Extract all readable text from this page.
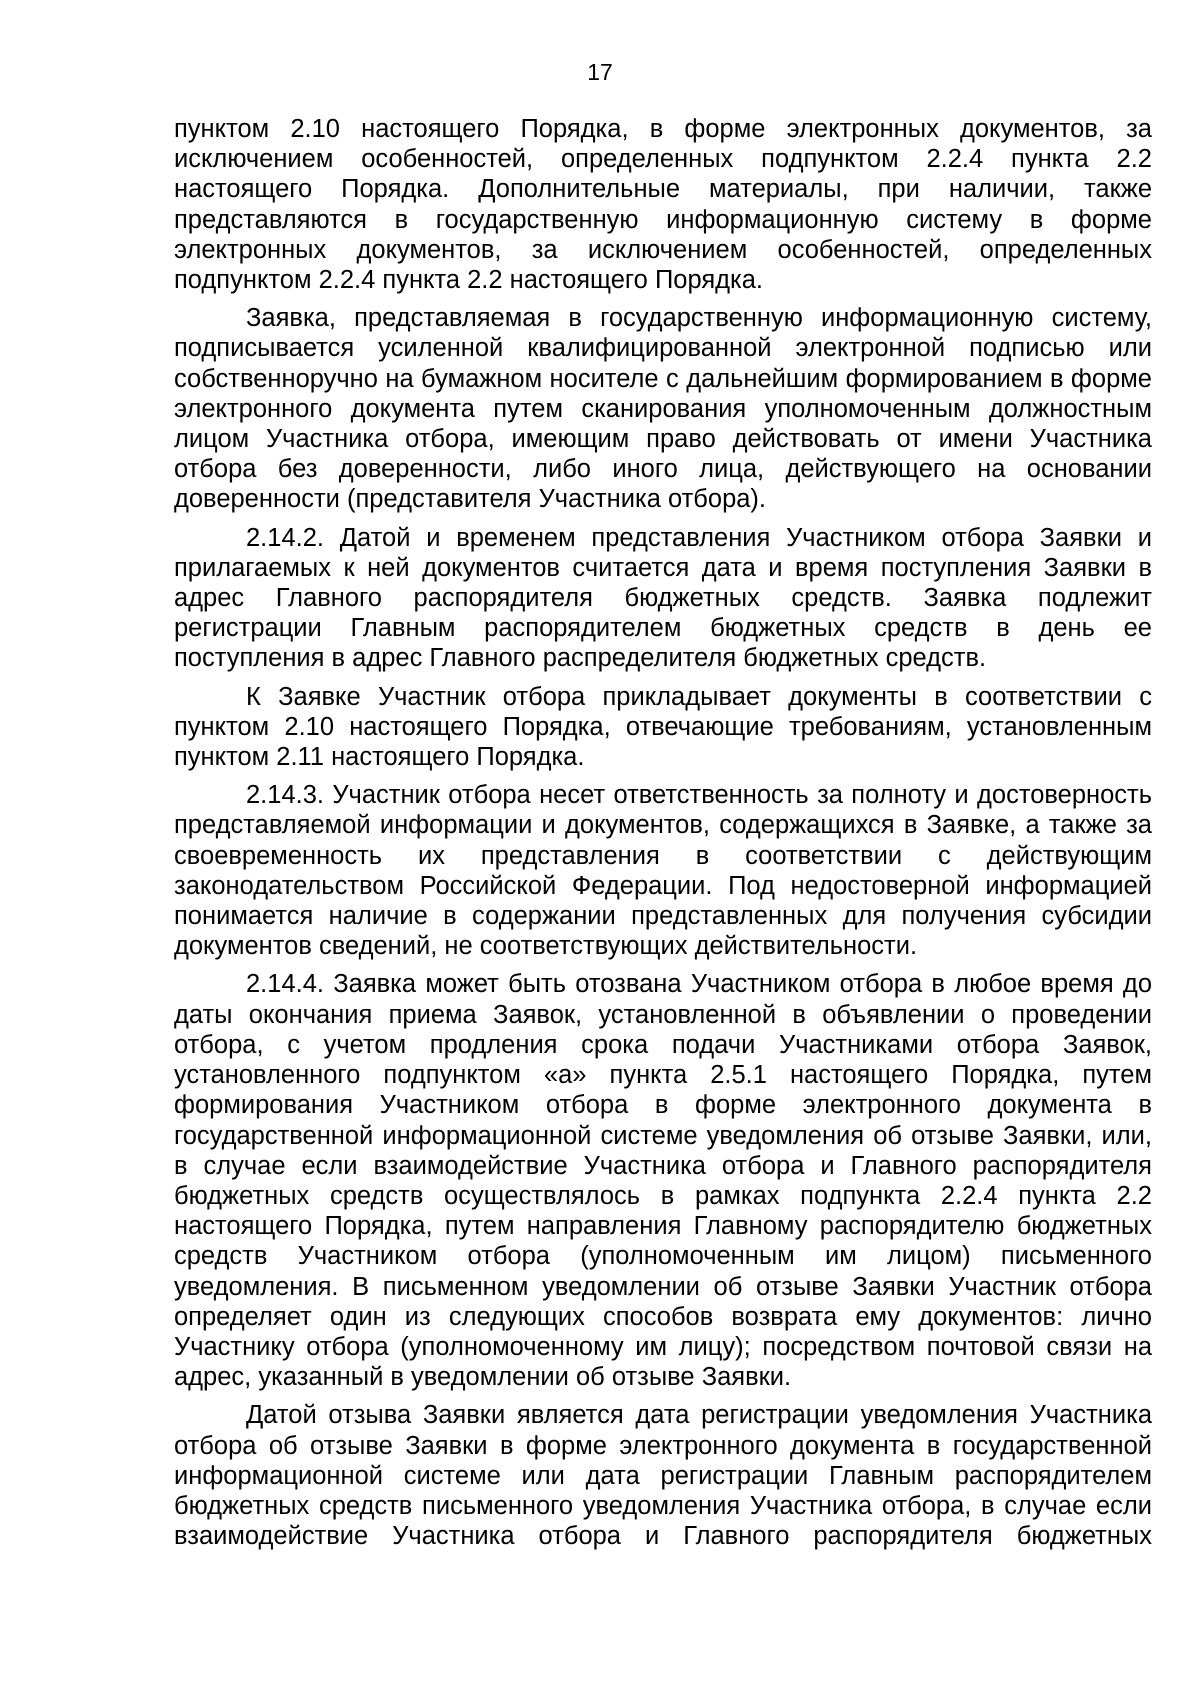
17

пунктом 2.10 настоящего Порядка, в форме электронных документов, за исключением особенностей, определенных подпунктом 2.2.4 пункта 2.2 настоящего Порядка. Дополнительные материалы, при наличии, также представляются в государственную информационную систему в форме электронных документов, за исключением особенностей, определенных подпунктом 2.2.4 пункта 2.2 настоящего Порядка.

Заявка, представляемая в государственную информационную систему, подписывается усиленной квалифицированной электронной подписью или собственноручно на бумажном носителе с дальнейшим формированием в форме электронного документа путем сканирования уполномоченным должностным лицом Участника отбора, имеющим право действовать от имени Участника отбора без доверенности, либо иного лица, действующего на основании доверенности (представителя Участника отбора).

2.14.2. Датой и временем представления Участником отбора Заявки и прилагаемых к ней документов считается дата и время поступления Заявки в адрес Главного распорядителя бюджетных средств. Заявка подлежит регистрации Главным распорядителем бюджетных средств в день ее поступления в адрес Главного распределителя бюджетных средств.

К Заявке Участник отбора прикладывает документы в соответствии с пунктом 2.10 настоящего Порядка, отвечающие требованиям, установленным пунктом 2.11 настоящего Порядка.

2.14.3. Участник отбора несет ответственность за полноту и достоверность представляемой информации и документов, содержащихся в Заявке, а также за своевременность их представления в соответствии с действующим законодательством Российской Федерации. Под недостоверной информацией понимается наличие в содержании представленных для получения субсидии документов сведений, не соответствующих действительности.

2.14.4. Заявка может быть отозвана Участником отбора в любое время до даты окончания приема Заявок, установленной в объявлении о проведении отбора, с учетом продления срока подачи Участниками отбора Заявок, установленного подпунктом «а» пункта 2.5.1 настоящего Порядка, путем формирования Участником отбора в форме электронного документа в государственной информационной системе уведомления об отзыве Заявки, или, в случае если взаимодействие Участника отбора и Главного распорядителя бюджетных средств осуществлялось в рамках подпункта 2.2.4 пункта 2.2 настоящего Порядка, путем направления Главному распорядителю бюджетных средств Участником отбора (уполномоченным им лицом) письменного уведомления. В письменном уведомлении об отзыве Заявки Участник отбора определяет один из следующих способов возврата ему документов: лично Участнику отбора (уполномоченному им лицу); посредством почтовой связи на адрес, указанный в уведомлении об отзыве Заявки.

Датой отзыва Заявки является дата регистрации уведомления Участника отбора об отзыве Заявки в форме электронного документа в государственной информационной системе или дата регистрации Главным распорядителем бюджетных средств письменного уведомления Участника отбора, в случае если взаимодействие Участника отбора и Главного распорядителя бюджетных
